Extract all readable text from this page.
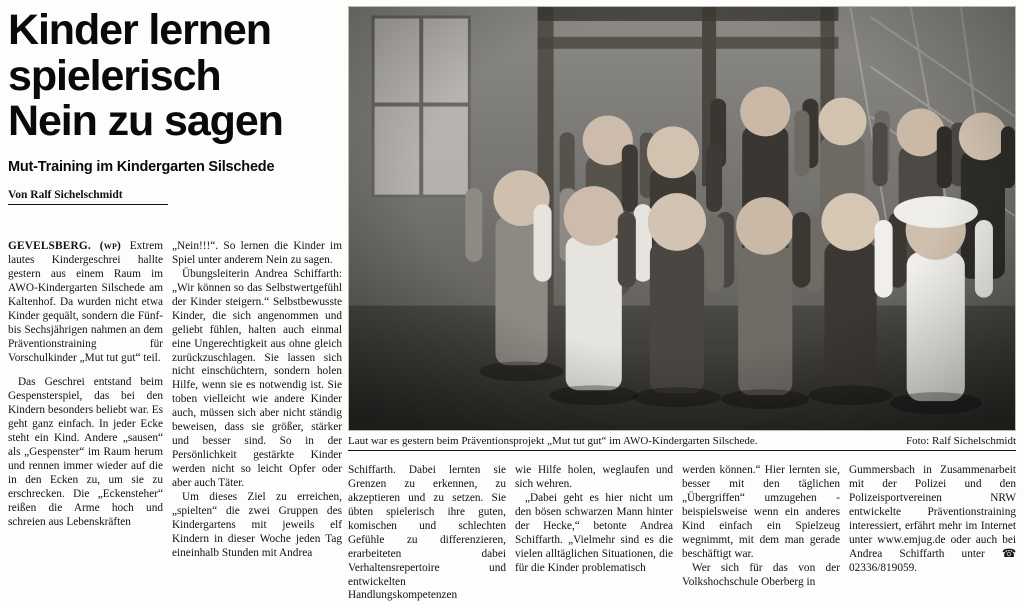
Kinder lernen
spielerisch
Nein zu sagen
Mut-Training im Kindergarten Silschede
Von Ralf Sichelschmidt
Laut war es gestern beim Präventionsprojekt „Mut tut gut“ im AWO-Kindergarten Silschede.	Foto: Ralf Sichelschmidt

GEVELSBERG. (wp) Extrem lautes Kindergeschrei hallte gestern aus einem Raum im AWO-Kindergarten Silschede am Kaltenhof. Da wurden nicht etwa Kinder gequält, sondern die Fünf- bis Sechsjährigen nahmen an dem Präventionstraining für Vorschulkinder „Mut tut gut“ teil.

Das Geschrei entstand beim Gespensterspiel, das bei den Kindern besonders beliebt war. Es geht ganz einfach. In jeder Ecke steht ein Kind. Andere „sausen“ als „Gespenster“ im Raum herum und rennen immer wieder auf die in den Ecken zu, um sie zu erschrecken. Die „Eckensteher“ reißen die Arme hoch und schreien aus Lebenskräften

„Nein!!!“. So lernen die Kinder im Spiel unter anderem Nein zu sagen.

Übungsleiterin Andrea Schiffarth: „Wir können so das Selbstwertgefühl der Kinder steigern.“ Selbstbewusste Kinder, die sich angenommen und geliebt fühlen, halten auch einmal eine Ungerechtigkeit aus ohne gleich zurückzuschlagen. Sie lassen sich nicht einschüchtern, sondern holen Hilfe, wenn sie es notwendig ist. Sie toben vielleicht wie andere Kinder auch, müssen sich aber nicht ständig beweisen, dass sie größer, stärker und besser sind. So in der Persönlichkeit gestärkte Kinder werden nicht so leicht Opfer oder aber auch Täter.

Um dieses Ziel zu erreichen, „spielten“ die zwei Gruppen des Kindergartens mit jeweils elf Kindern in dieser Woche jeden Tag eineinhalb Stunden mit Andrea

Schiffarth. Dabei lernten sie Grenzen zu erkennen, zu akzeptieren und zu setzen. Sie übten spielerisch ihre guten, komischen und schlechten Gefühle zu differenzieren, erarbeiteten dabei Verhaltensrepertoire und entwickelten Handlungskompetenzen

wie Hilfe holen, weglaufen und sich wehren.

„Dabei geht es hier nicht um den bösen schwarzen Mann hinter der Hecke,“ betonte Andrea Schiffarth. „Vielmehr sind es die vielen alltäglichen Situationen, die für die Kinder problematisch

werden können.“ Hier lernten sie, besser mit den täglichen „Übergriffen“ umzugehen - beispielsweise wenn ein anderes Kind einfach ein Spielzeug wegnimmt, mit dem man gerade beschäftigt war.

Wer sich für das von der Volkshochschule Oberberg in

Gummersbach in Zusammenarbeit mit der Polizei und den Polizeisportvereinen NRW entwickelte Präventionstraining interessiert, erfährt mehr im Internet unter www.emjug.de oder auch bei Andrea Schiffarth unter ☎ 02336/819059.
